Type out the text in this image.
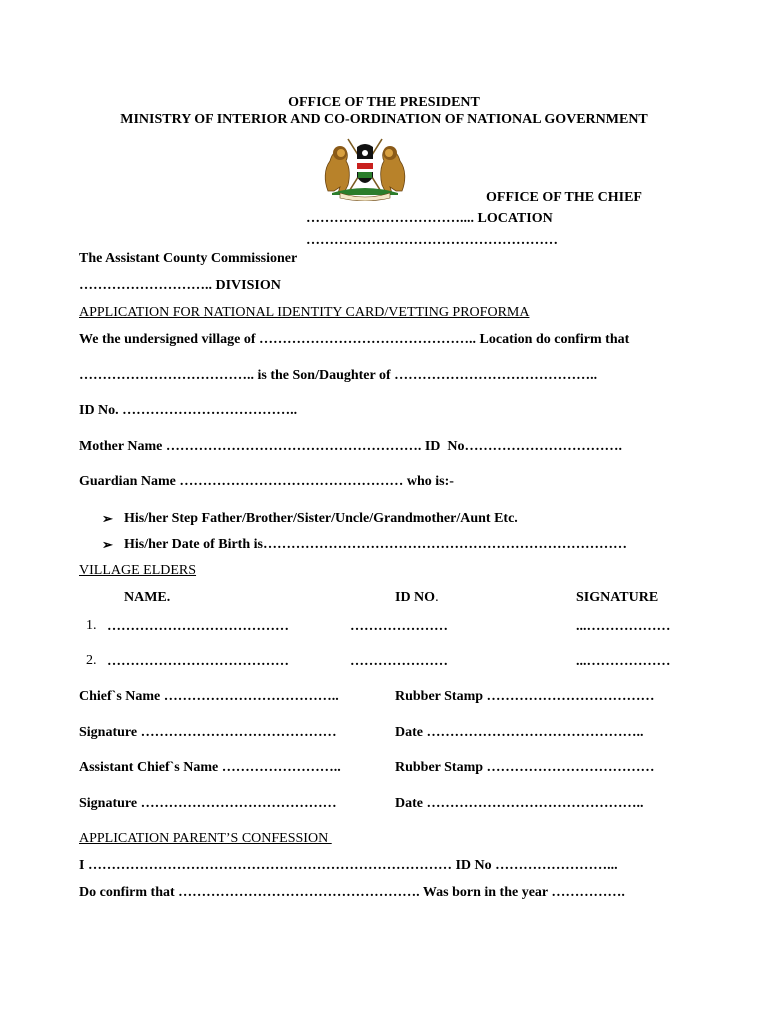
OFFICE OF THE PRESIDENT
MINISTRY OF INTERIOR AND CO-ORDINATION OF NATIONAL GOVERNMENT
OFFICE OF THE CHIEF
…………………………….... LOCATION
………………………………………………
The Assistant County Commissioner
……………………….. DIVISION
APPLICATION FOR NATIONAL IDENTITY CARD/VETTING PROFORMA
We the undersigned village of ……………………………………….. Location do confirm that
……………………………….. is the Son/Daughter of ……………………………………..
ID No. ………………………………..
Mother Name ………………………………………………. ID  No…………………………….
Guardian Name ………………………………………… who is:-
➢ His/her Step Father/Brother/Sister/Uncle/Grandmother/Aunt Etc.
➢ His/her Date of Birth is……………………………………………………………………
VILLAGE ELDERS
NAME.	ID NO.	SIGNATURE
1. …………………………………	…………………	...………………
2. …………………………………	…………………	...………………
Chief`s Name ………………………………..	Rubber Stamp ………………………………
Signature ……………………………………	Date ………………………………………..
Assistant Chief`s Name ……………………..	Rubber Stamp ………………………………
Signature ……………………………………	Date ………………………………………..
APPLICATION PARENT’S CONFESSION
I …………………………………………………………………… ID No ……………………...
Do confirm that ……………………………………………. Was born in the year …………….
